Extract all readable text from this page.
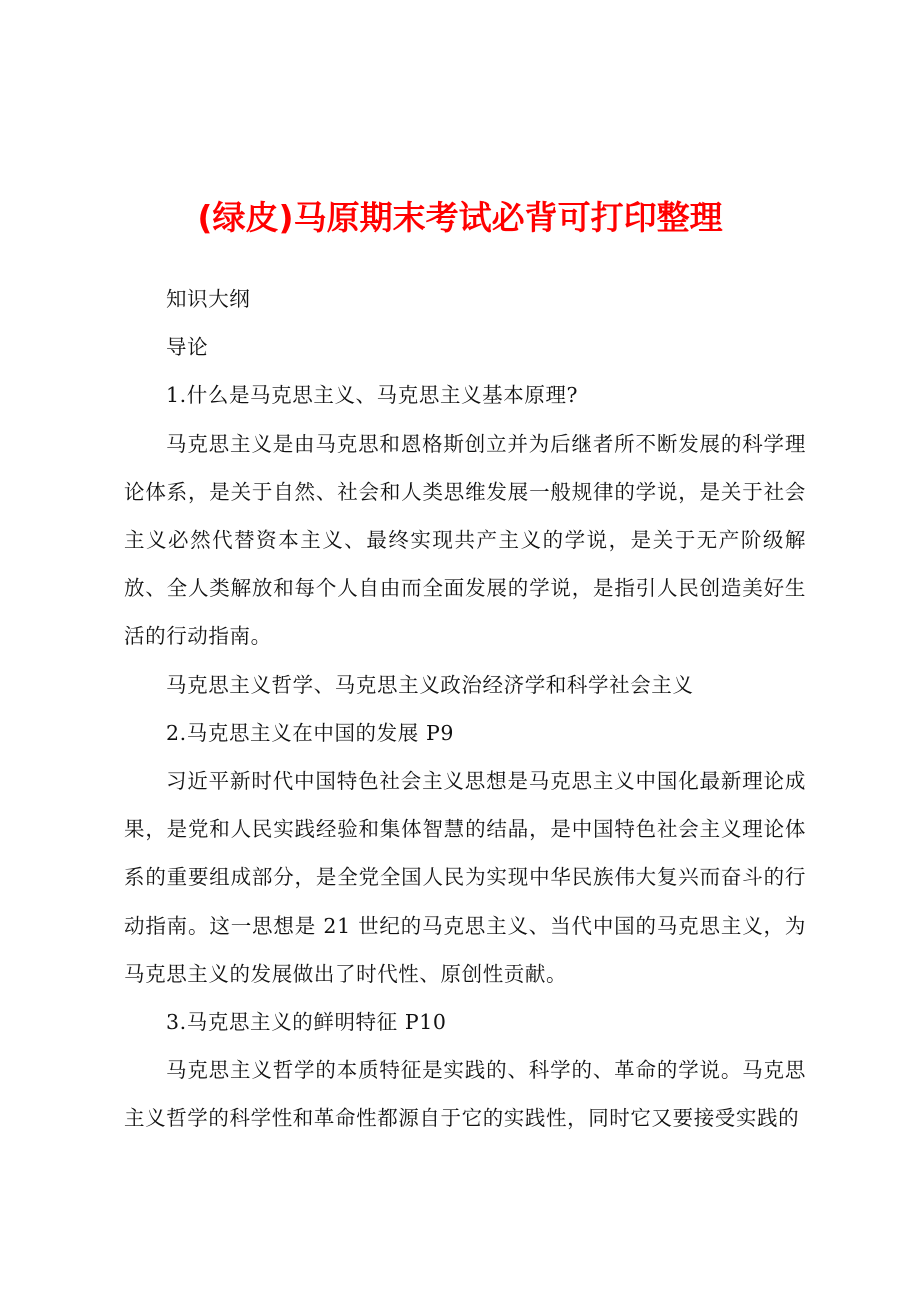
(绿皮)马原期末考试必背可打印整理

知识大纲

导论

1.什么是马克思主义、马克思主义基本原理?

马克思主义是由马克思和恩格斯创立并为后继者所不断发展的科学理论体系，是关于自然、社会和人类思维发展一般规律的学说，是关于社会主义必然代替资本主义、最终实现共产主义的学说，是关于无产阶级解放、全人类解放和每个人自由而全面发展的学说，是指引人民创造美好生活的行动指南。

马克思主义哲学、马克思主义政治经济学和科学社会主义

2.马克思主义在中国的发展 P9

习近平新时代中国特色社会主义思想是马克思主义中国化最新理论成果，是党和人民实践经验和集体智慧的结晶，是中国特色社会主义理论体系的重要组成部分，是全党全国人民为实现中华民族伟大复兴而奋斗的行动指南。这一思想是 21 世纪的马克思主义、当代中国的马克思主义，为马克思主义的发展做出了时代性、原创性贡献。

3.马克思主义的鲜明特征 P10

马克思主义哲学的本质特征是实践的、科学的、革命的学说。马克思主义哲学的科学性和革命性都源自于它的实践性，同时它又要接受实践的
